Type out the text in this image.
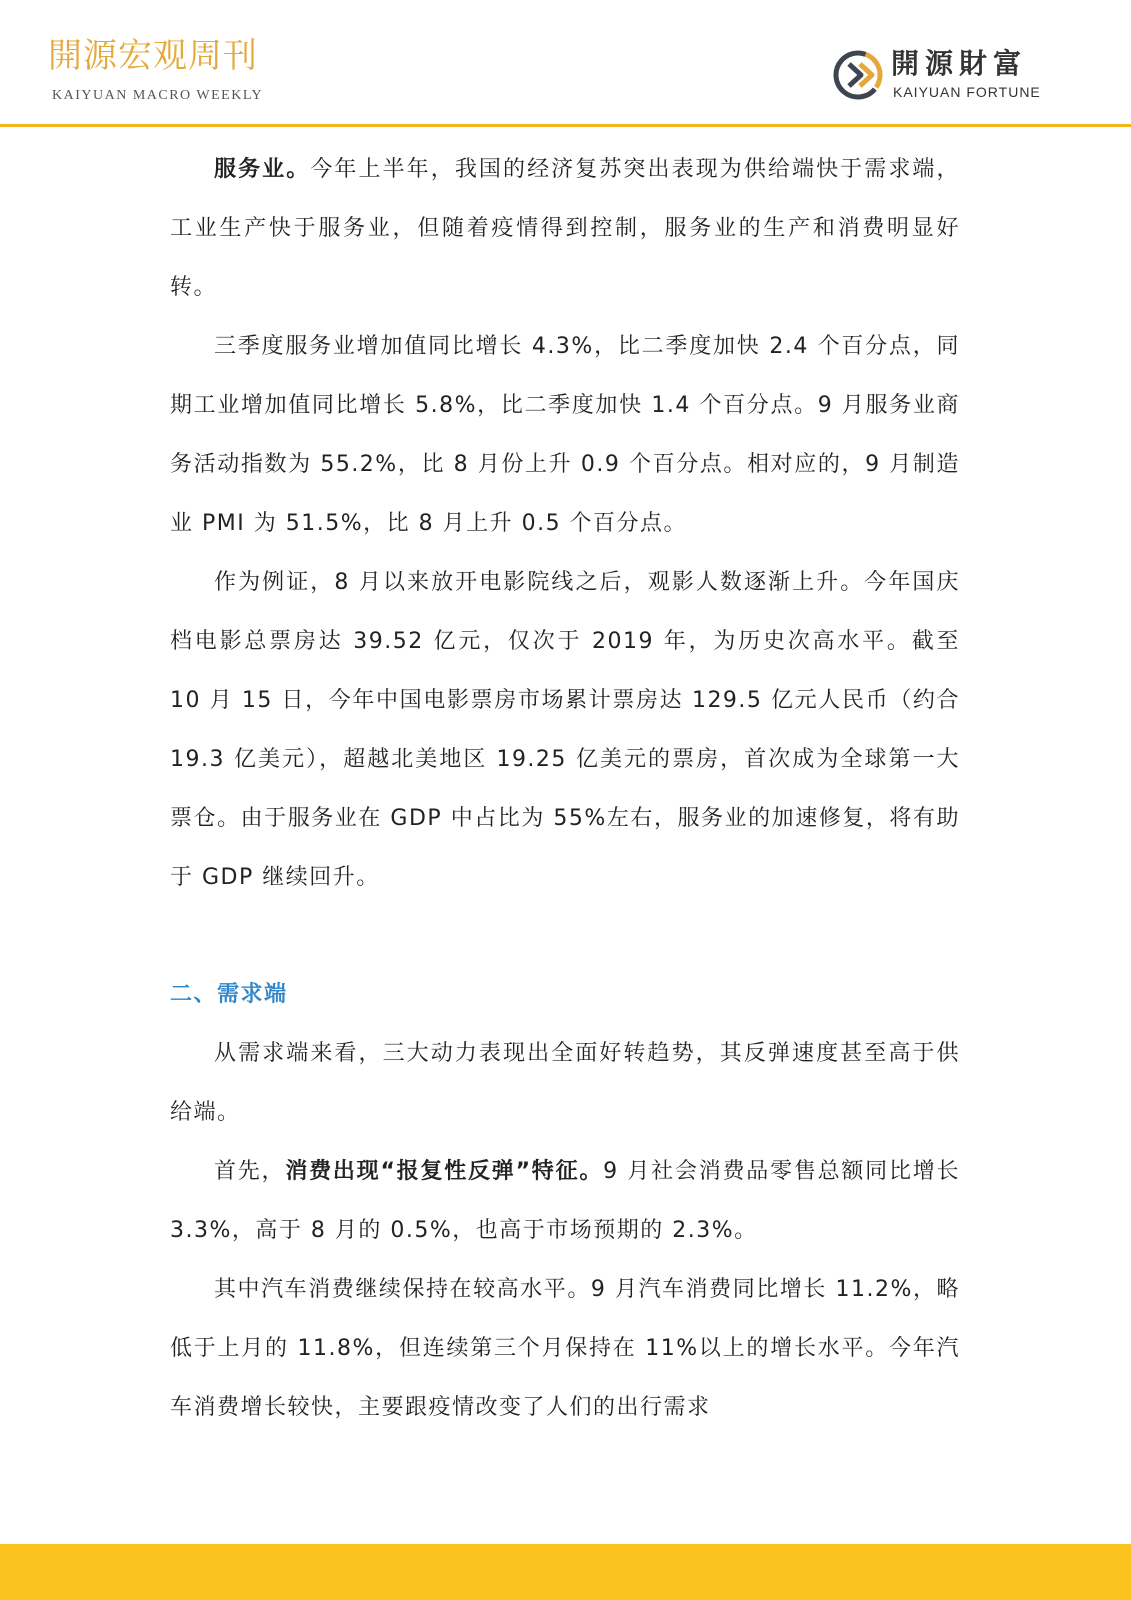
開源宏观周刊
KAIYUAN MACRO WEEKLY
開源財富
KAIYUAN FORTUNE

服务业。今年上半年，我国的经济复苏突出表现为供给端快于需求端，工业生产快于服务业，但随着疫情得到控制，服务业的生产和消费明显好转。

三季度服务业增加值同比增长 4.3%，比二季度加快 2.4 个百分点，同期工业增加值同比增长 5.8%，比二季度加快 1.4 个百分点。9 月服务业商务活动指数为 55.2%，比 8 月份上升 0.9 个百分点。相对应的，9 月制造业 PMI 为 51.5%，比 8 月上升 0.5 个百分点。

作为例证，8 月以来放开电影院线之后，观影人数逐渐上升。今年国庆档电影总票房达 39.52 亿元，仅次于 2019 年，为历史次高水平。截至 10 月 15 日，今年中国电影票房市场累计票房达 129.5 亿元人民币（约合 19.3 亿美元），超越北美地区 19.25 亿美元的票房，首次成为全球第一大票仓。由于服务业在 GDP 中占比为 55%左右，服务业的加速修复，将有助于 GDP 继续回升。

二、需求端

从需求端来看，三大动力表现出全面好转趋势，其反弹速度甚至高于供给端。

首先，消费出现“报复性反弹”特征。9 月社会消费品零售总额同比增长 3.3%，高于 8 月的 0.5%，也高于市场预期的 2.3%。

其中汽车消费继续保持在较高水平。9 月汽车消费同比增长 11.2%，略低于上月的 11.8%，但连续第三个月保持在 11%以上的增长水平。今年汽车消费增长较快，主要跟疫情改变了人们的出行需求
